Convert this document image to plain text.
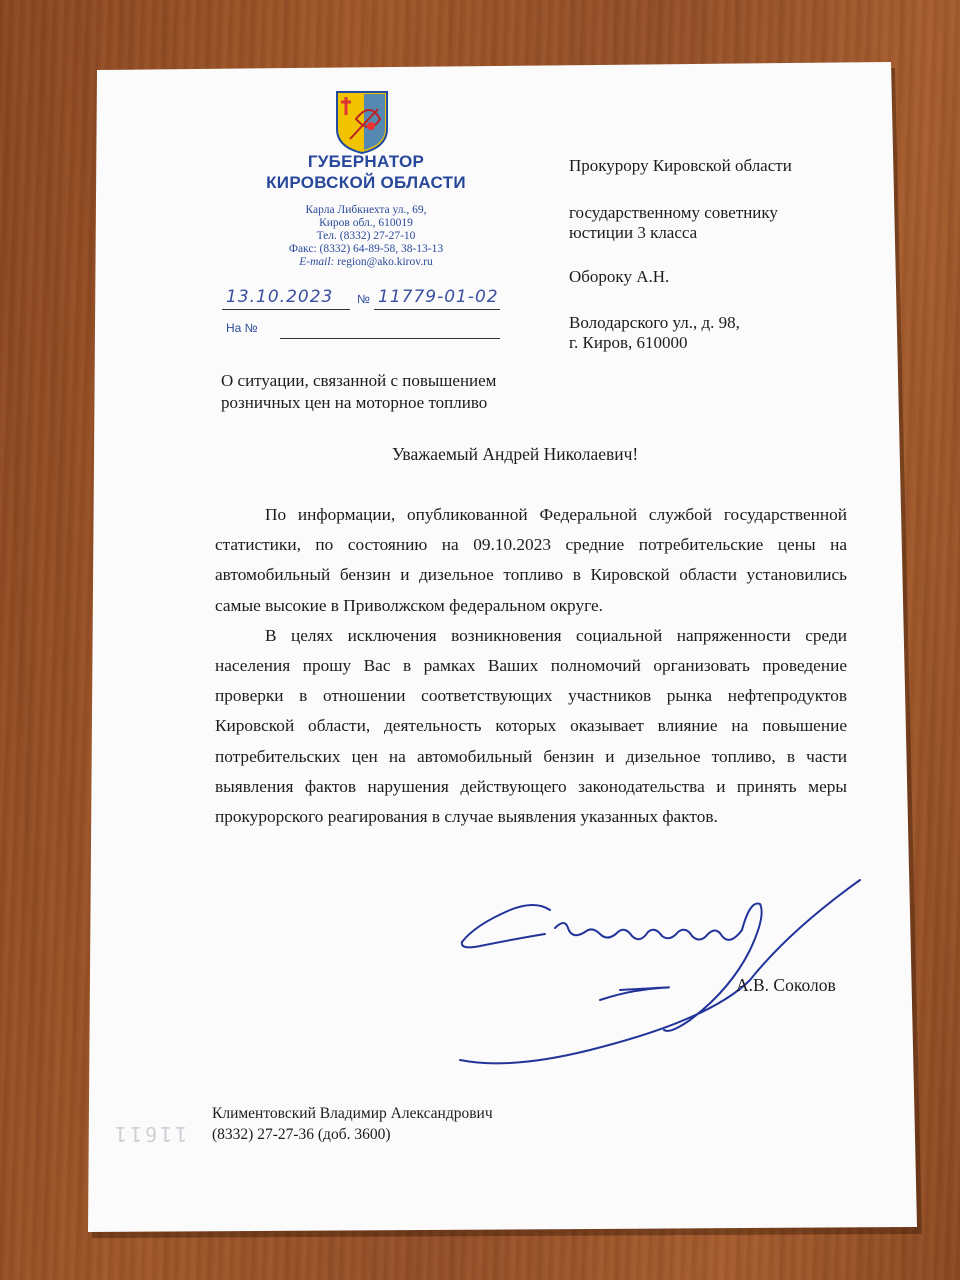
ГУБЕРНАТОР
КИРОВСКОЙ ОБЛАСТИ
Карла Либкнехта ул., 69,
Киров обл., 610019
Тел. (8332) 27-27-10
Факс: (8332) 64-89-58, 38-13-13
E-mail: region@ako.kirov.ru
13.10.2023 № 11779-01-02
На №
Прокурору Кировской области
государственному советнику
юстиции 3 класса
Обороку А.Н.
Володарского ул., д. 98,
г. Киров, 610000
О ситуации, связанной с повышением
розничных цен на моторное топливо
Уважаемый Андрей Николаевич!

По информации, опубликованной Федеральной службой государственной статистики, по состоянию на 09.10.2023 средние потребительские цены на автомобильный бензин и дизельное топливо в Кировской области установились самые высокие в Приволжском федеральном округе.

В целях исключения возникновения социальной напряженности среди населения прошу Вас в рамках Ваших полномочий организовать проведение проверки в отношении соответствующих участников рынка нефтепродуктов Кировской области, деятельность которых оказывает влияние на повышение потребительских цен на автомобильный бензин и дизельное топливо, в части выявления фактов нарушения действующего законодательства и принять меры прокурорского реагирования в случае выявления указанных фактов.

А.В. Соколов
Климентовский Владимир Александрович
(8332) 27-27-36 (доб. 3600)
11611
